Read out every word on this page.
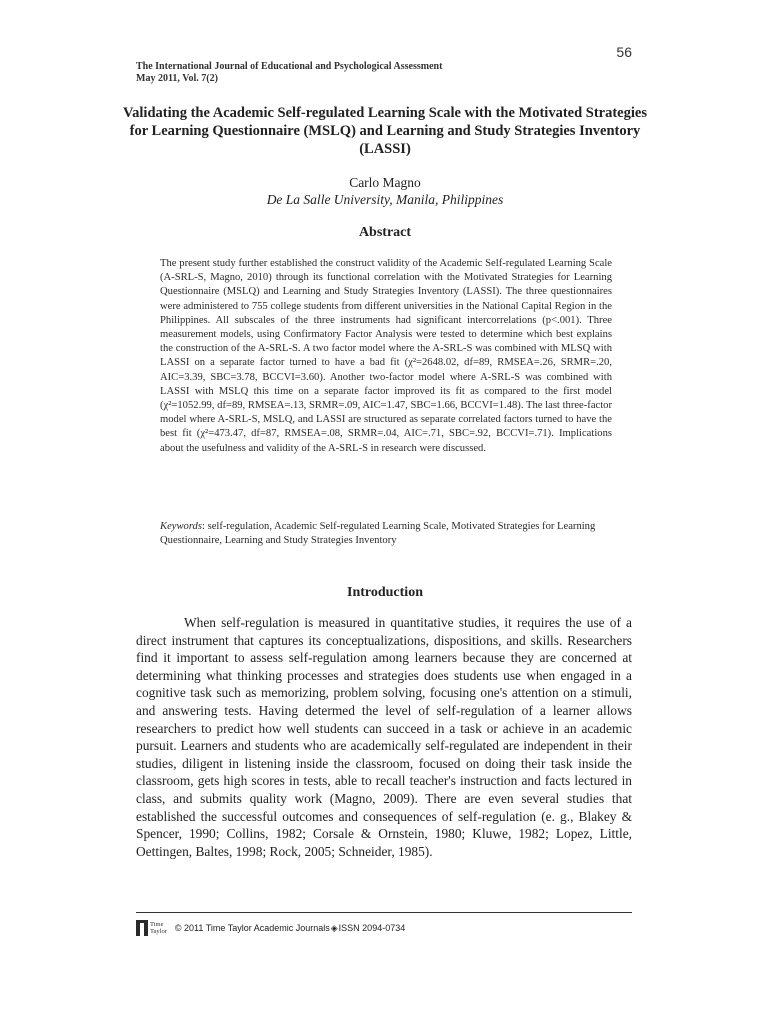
56
The International Journal of Educational and Psychological Assessment
May 2011, Vol. 7(2)
Validating the Academic Self-regulated Learning Scale with the Motivated Strategies for Learning Questionnaire (MSLQ) and Learning and Study Strategies Inventory (LASSI)
Carlo Magno
De La Salle University, Manila, Philippines
Abstract

The present study further established the construct validity of the Academic Self-regulated Learning Scale (A-SRL-S, Magno, 2010) through its functional correlation with the Motivated Strategies for Learning Questionnaire (MSLQ) and Learning and Study Strategies Inventory (LASSI). The three questionnaires were administered to 755 college students from different universities in the National Capital Region in the Philippines. All subscales of the three instruments had significant intercorrelations (p<.001). Three measurement models, using Confirmatory Factor Analysis were tested to determine which best explains the construction of the A-SRL-S. A two factor model where the A-SRL-S was combined with MLSQ with LASSI on a separate factor turned to have a bad fit (χ²=2648.02, df=89, RMSEA=.26, SRMR=.20, AIC=3.39, SBC=3.78, BCCVI=3.60). Another two-factor model where A-SRL-S was combined with LASSI with MSLQ this time on a separate factor improved its fit as compared to the first model (χ²=1052.99, df=89, RMSEA=.13, SRMR=.09, AIC=1.47, SBC=1.66, BCCVI=1.48). The last three-factor model where A-SRL-S, MSLQ, and LASSI are structured as separate correlated factors turned to have the best fit (χ²=473.47, df=87, RMSEA=.08, SRMR=.04, AIC=.71, SBC=.92, BCCVI=.71). Implications about the usefulness and validity of the A-SRL-S in research were discussed.

Keywords: self-regulation, Academic Self-regulated Learning Scale, Motivated Strategies for Learning Questionnaire, Learning and Study Strategies Inventory
Introduction

When self-regulation is measured in quantitative studies, it requires the use of a direct instrument that captures its conceptualizations, dispositions, and skills. Researchers find it important to assess self-regulation among learners because they are concerned at determining what thinking processes and strategies does students use when engaged in a cognitive task such as memorizing, problem solving, focusing one's attention on a stimuli, and answering tests. Having determed the level of self-regulation of a learner allows researchers to predict how well students can succeed in a task or achieve in an academic pursuit. Learners and students who are academically self-regulated are independent in their studies, diligent in listening inside the classroom, focused on doing their task inside the classroom, gets high scores in tests, able to recall teacher's instruction and facts lectured in class, and submits quality work (Magno, 2009). There are even several studies that established the successful outcomes and consequences of self-regulation (e. g., Blakey & Spencer, 1990; Collins, 1982; Corsale & Ornstein, 1980; Kluwe, 1982; Lopez, Little, Oettingen, Baltes, 1998; Rock, 2005; Schneider, 1985).

Time
Taylor © 2011 Time Taylor Academic Journals ◈ ISSN 2094-0734
